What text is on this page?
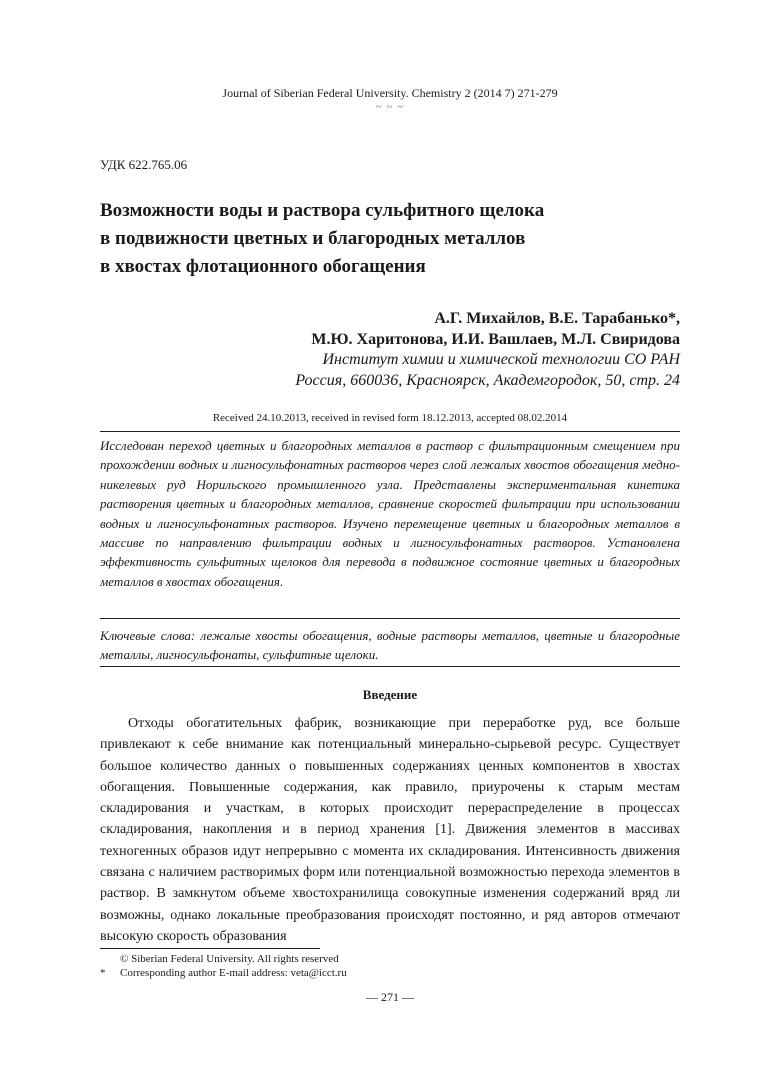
Journal of Siberian Federal University. Chemistry 2 (2014 7) 271-279
~ ~ ~
УДК 622.765.06
Возможности воды и раствора сульфитного щелока
в подвижности цветных и благородных металлов
в хвостах флотационного обогащения
А.Г. Михайлов, В.Е. Тарабанько*,
М.Ю. Харитонова, И.И. Вашлаев, М.Л. Свиридова
Институт химии и химической технологии СО РАН
Россия, 660036, Красноярск, Академгородок, 50, стр. 24
Received 24.10.2013, received in revised form 18.12.2013, accepted 08.02.2014
Исследован переход цветных и благородных металлов в раствор с фильтрационным смещением при прохождении водных и лигносульфонатных растворов через слой лежалых хвостов обогащения медно-никелевых руд Норильского промышленного узла. Представлены экспериментальная кинетика растворения цветных и благородных металлов, сравнение скоростей фильтрации при использовании водных и лигносульфонатных растворов. Изучено перемещение цветных и благородных металлов в массиве по направлению фильтрации водных и лигносульфонатных растворов. Установлена эффективность сульфитных щелоков для перевода в подвижное состояние цветных и благородных металлов в хвостах обогащения.
Ключевые слова: лежалые хвосты обогащения, водные растворы металлов, цветные и благородные металлы, лигносульфонаты, сульфитные щелоки.
Введение
Отходы обогатительных фабрик, возникающие при переработке руд, все больше привлекают к себе внимание как потенциальный минерально-сырьевой ресурс. Существует большое количество данных о повышенных содержаниях ценных компонентов в хвостах обогащения. Повышенные содержания, как правило, приурочены к старым местам складирования и участкам, в которых происходит перераспределение в процессах складирования, накопления и в период хранения [1]. Движения элементов в массивах техногенных образов идут непрерывно с момента их складирования. Интенсивность движения связана с наличием растворимых форм или потенциальной возможностью перехода элементов в раствор. В замкнутом объеме хвостохранилища совокупные изменения содержаний вряд ли возможны, однако локальные преобразования происходят постоянно, и ряд авторов отмечают высокую скорость образования
© Siberian Federal University. All rights reserved
* Corresponding author E-mail address: veta@icct.ru
— 271 —
